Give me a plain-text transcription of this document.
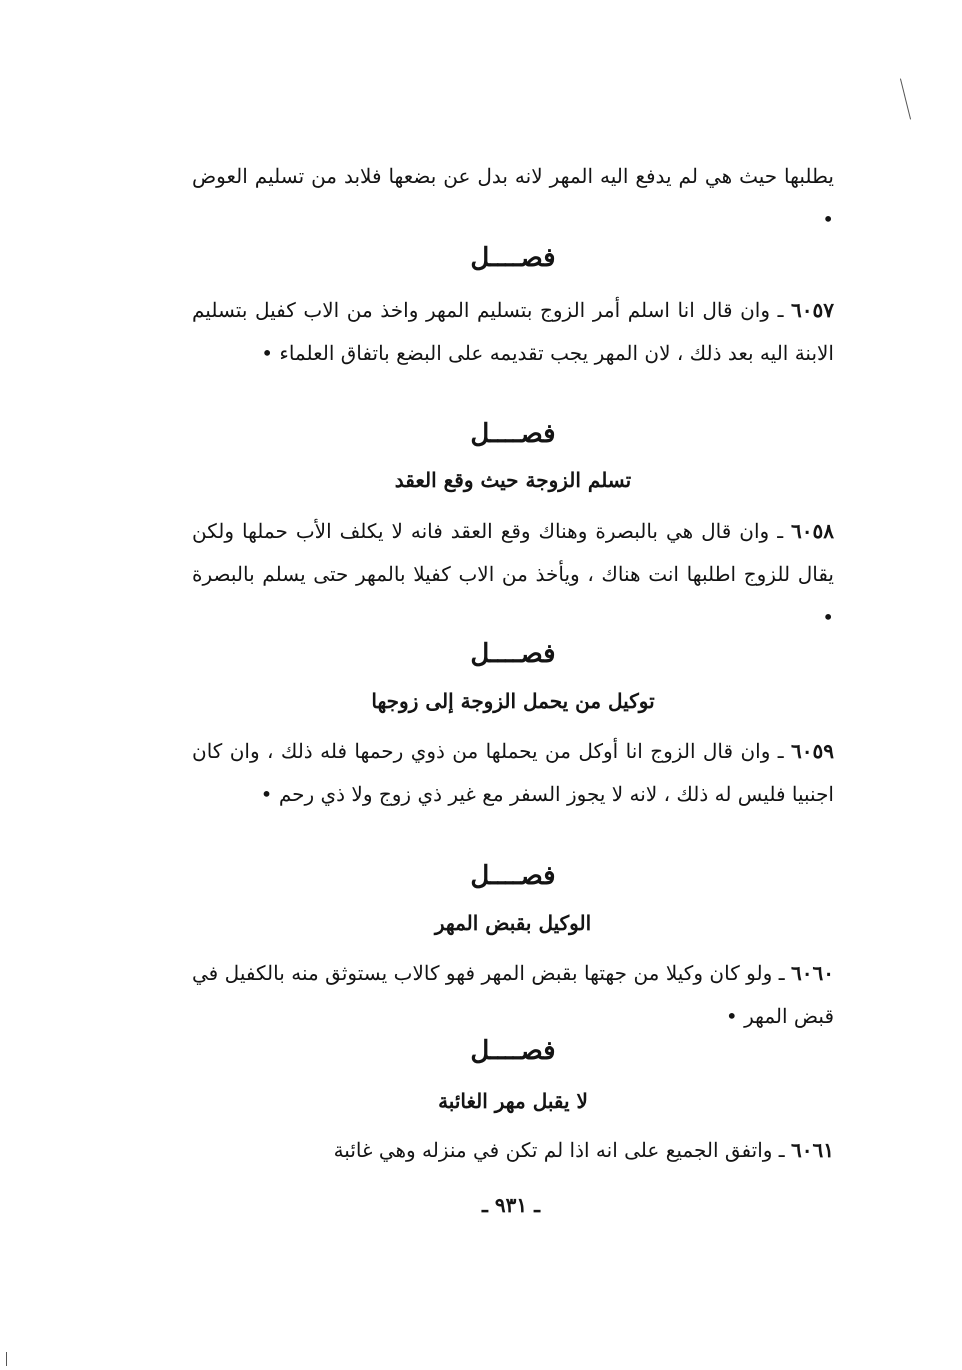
يطلبها حيث هي لم يدفع اليه المهر لانه بدل عن بضعها فلابد من تسليم العوض •

فصــــل

٦٠٥٧ ـ وان قال انا اسلم أمر الزوج بتسليم المهر واخذ من الاب كفيل بتسليم الابنة اليه بعد ذلك ، لان المهر يجب تقديمه على البضع باتفاق العلماء •

فصــــل
تسلم الزوجة حيث وقع العقد

٦٠٥٨ ـ وان قال هي بالبصرة وهناك وقع العقد فانه لا يكلف الأب حملها ولكن يقال للزوج اطلبها انت هناك ، ويأخذ من الاب كفيلا بالمهر حتى يسلم بالبصرة •

فصــــل
توكيل من يحمل الزوجة إلى زوجها

٦٠٥٩ ـ وان قال الزوج انا أوكل من يحملها من ذوي رحمها فله ذلك ، وان كان اجنبيا فليس له ذلك ، لانه لا يجوز السفر مع غير ذي زوج ولا ذي رحم •

فصــــل
الوكيل بقبض المهر

٦٠٦٠ ـ ولو كان وكيلا من جهتها بقبض المهر فهو كالاب يستوثق منه بالكفيل في قبض المهر •

فصــــل
لا يقبل مهر الغائبة

٦٠٦١ ـ واتفق الجميع على انه اذا لم تكن في منزله وهي غائبة

ـ ٩٣١ ـ
